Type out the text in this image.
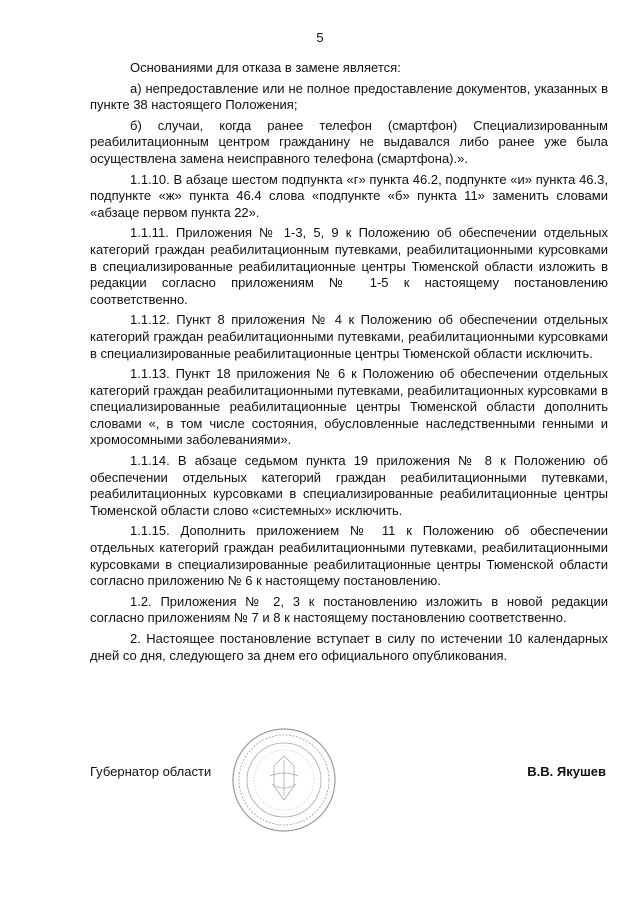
5

Основаниями для отказа в замене является:

а) непредоставление или не полное предоставление документов, указанных в пункте 38 настоящего Положения;

б) случаи, когда ранее телефон (смартфон) Специализированным реабилитационным центром гражданину не выдавался либо ранее уже была осуществлена замена неисправного телефона (смартфона).».

1.1.10. В абзаце шестом подпункта «г» пункта 46.2, подпункте «и» пункта 46.3, подпункте «ж» пункта 46.4 слова «подпункте «б» пункта 11» заменить словами «абзаце первом пункта 22».

1.1.11. Приложения № 1-3, 5, 9 к Положению об обеспечении отдельных категорий граждан реабилитационным путевками, реабилитационными курсовками в специализированные реабилитационные центры Тюменской области изложить в редакции согласно приложениям № 1-5 к настоящему постановлению соответственно.

1.1.12. Пункт 8 приложения № 4 к Положению об обеспечении отдельных категорий граждан реабилитационными путевками, реабилитационными курсовками в специализированные реабилитационные центры Тюменской области исключить.

1.1.13. Пункт 18 приложения № 6 к Положению об обеспечении отдельных категорий граждан реабилитационными путевками, реабилитационных курсовками в специализированные реабилитационные центры Тюменской области дополнить словами «, в том числе состояния, обусловленные наследственными генными и хромосомными заболеваниями».

1.1.14. В абзаце седьмом пункта 19 приложения № 8 к Положению об обеспечении отдельных категорий граждан реабилитационными путевками, реабилитационных курсовками в специализированные реабилитационные центры Тюменской области слово «системных» исключить.

1.1.15. Дополнить приложением № 11 к Положению об обеспечении отдельных категорий граждан реабилитационными путевками, реабилитационными курсовками в специализированные реабилитационные центры Тюменской области согласно приложению № 6 к настоящему постановлению.

1.2. Приложения № 2, 3 к постановлению изложить в новой редакции согласно приложениям № 7 и 8 к настоящему постановлению соответственно.

2. Настоящее постановление вступает в силу по истечении 10 календарных дней со дня, следующего за днем его официального опубликования.

Губернатор области	В.В. Якушев
